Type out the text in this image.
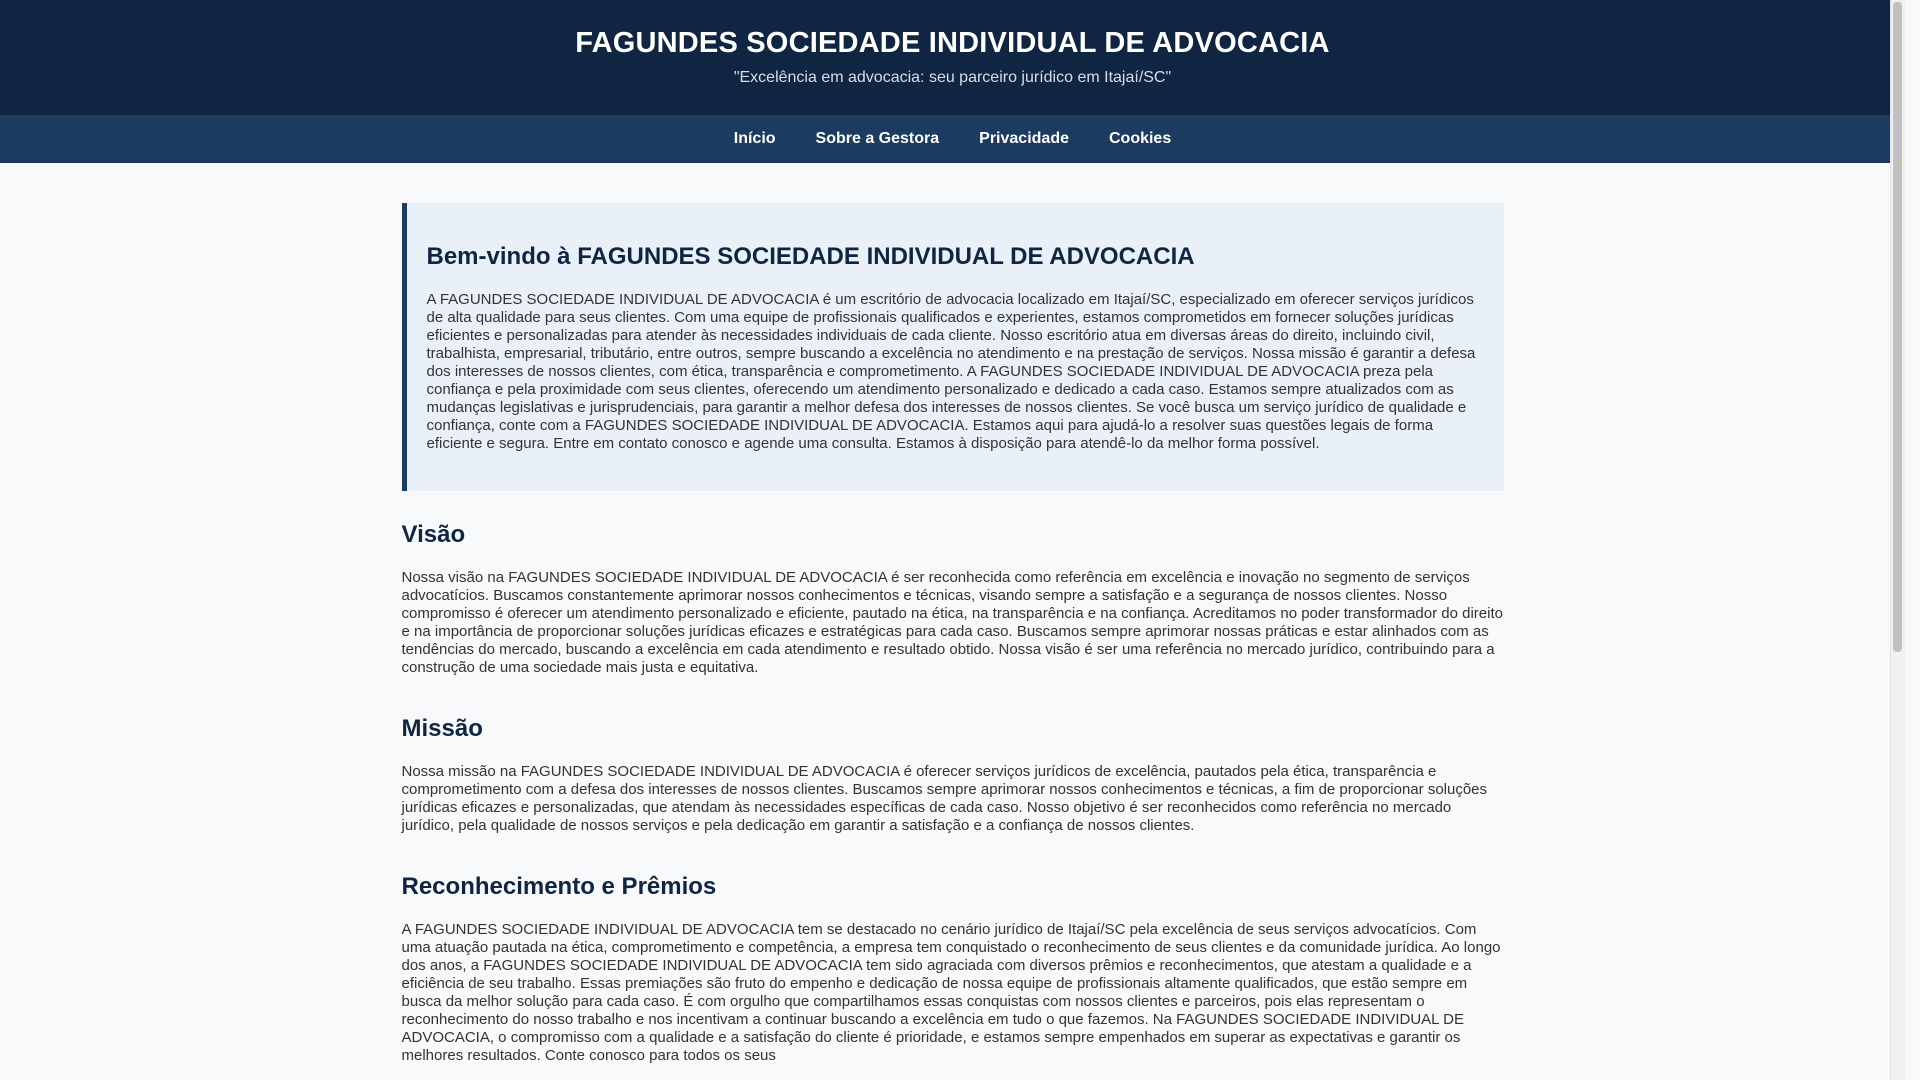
FAGUNDES SOCIEDADE INDIVIDUAL DE ADVOCACIA

"Excelência em advocacia: seu parceiro jurídico em Itajaí/SC"

Início	Sobre a Gestora	Privacidade	Cookies
Bem-vindo à FAGUNDES SOCIEDADE INDIVIDUAL DE ADVOCACIA

A FAGUNDES SOCIEDADE INDIVIDUAL DE ADVOCACIA é um escritório de advocacia localizado em Itajaí/SC, especializado em oferecer serviços jurídicos de alta qualidade para seus clientes. Com uma equipe de profissionais qualificados e experientes, estamos comprometidos em fornecer soluções jurídicas eficientes e personalizadas para atender às necessidades individuais de cada cliente. Nosso escritório atua em diversas áreas do direito, incluindo civil, trabalhista, empresarial, tributário, entre outros, sempre buscando a excelência no atendimento e na prestação de serviços. Nossa missão é garantir a defesa dos interesses de nossos clientes, com ética, transparência e comprometimento. A FAGUNDES SOCIEDADE INDIVIDUAL DE ADVOCACIA preza pela confiança e pela proximidade com seus clientes, oferecendo um atendimento personalizado e dedicado a cada caso. Estamos sempre atualizados com as mudanças legislativas e jurisprudenciais, para garantir a melhor defesa dos interesses de nossos clientes. Se você busca um serviço jurídico de qualidade e confiança, conte com a FAGUNDES SOCIEDADE INDIVIDUAL DE ADVOCACIA. Estamos aqui para ajudá-lo a resolver suas questões legais de forma eficiente e segura. Entre em contato conosco e agende uma consulta. Estamos à disposição para atendê-lo da melhor forma possível.

Visão

Nossa visão na FAGUNDES SOCIEDADE INDIVIDUAL DE ADVOCACIA é ser reconhecida como referência em excelência e inovação no segmento de serviços advocatícios. Buscamos constantemente aprimorar nossos conhecimentos e técnicas, visando sempre a satisfação e a segurança de nossos clientes. Nosso compromisso é oferecer um atendimento personalizado e eficiente, pautado na ética, na transparência e na confiança. Acreditamos no poder transformador do direito e na importância de proporcionar soluções jurídicas eficazes e estratégicas para cada caso. Buscamos sempre aprimorar nossas práticas e estar alinhados com as tendências do mercado, buscando a excelência em cada atendimento e resultado obtido. Nossa visão é ser uma referência no mercado jurídico, contribuindo para a construção de uma sociedade mais justa e equitativa.

Missão

Nossa missão na FAGUNDES SOCIEDADE INDIVIDUAL DE ADVOCACIA é oferecer serviços jurídicos de excelência, pautados pela ética, transparência e comprometimento com a defesa dos interesses de nossos clientes. Buscamos sempre aprimorar nossos conhecimentos e técnicas, a fim de proporcionar soluções jurídicas eficazes e personalizadas, que atendam às necessidades específicas de cada caso. Nosso objetivo é ser reconhecidos como referência no mercado jurídico, pela qualidade de nossos serviços e pela dedicação em garantir a satisfação e a confiança de nossos clientes.

Reconhecimento e Prêmios

A FAGUNDES SOCIEDADE INDIVIDUAL DE ADVOCACIA tem se destacado no cenário jurídico de Itajaí/SC pela excelência de seus serviços advocatícios. Com uma atuação pautada na ética, comprometimento e competência, a empresa tem conquistado o reconhecimento de seus clientes e da comunidade jurídica. Ao longo dos anos, a FAGUNDES SOCIEDADE INDIVIDUAL DE ADVOCACIA tem sido agraciada com diversos prêmios e reconhecimentos, que atestam a qualidade e a eficiência de seu trabalho. Essas premiações são fruto do empenho e dedicação de nossa equipe de profissionais altamente qualificados, que estão sempre em busca da melhor solução para cada caso. É com orgulho que compartilhamos essas conquistas com nossos clientes e parceiros, pois elas representam o reconhecimento do nosso trabalho e nos incentivam a continuar buscando a excelência em tudo o que fazemos. Na FAGUNDES SOCIEDADE INDIVIDUAL DE ADVOCACIA, o compromisso com a qualidade e a satisfação do cliente é prioridade, e estamos sempre empenhados em superar as expectativas e garantir os melhores resultados. Conte conosco para todos os seus
